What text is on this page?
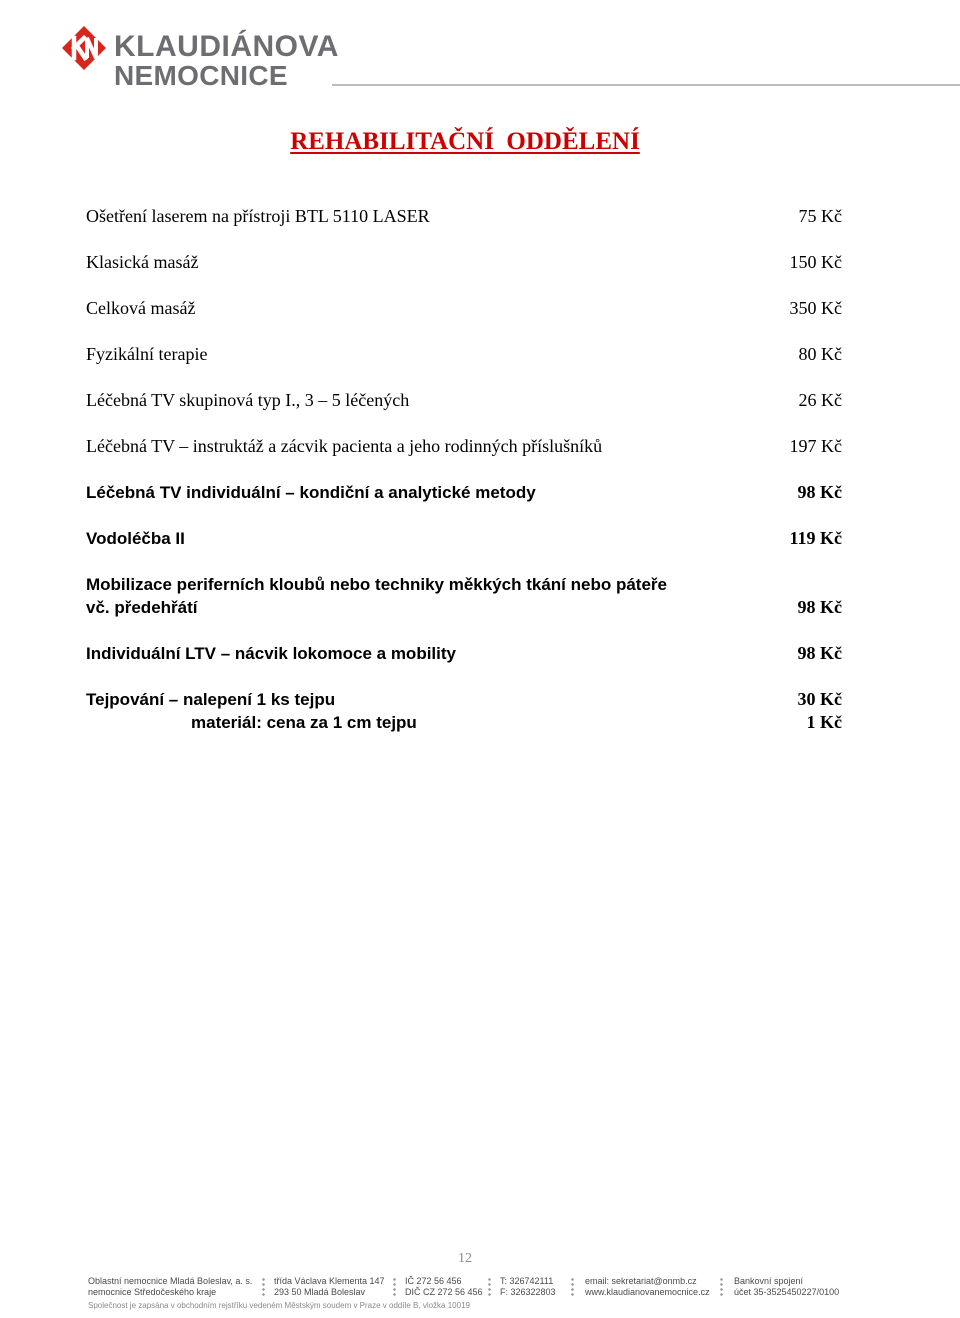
KLAUDIÁNOVA
NEMOCNICE
REHABILITAČNÍ  ODDĚLENÍ
Ošetření laserem na přístroji BTL 5110 LASER	75 Kč
Klasická masáž	150 Kč
Celková masáž	350 Kč
Fyzikální terapie	80 Kč
Léčebná TV skupinová typ I., 3 – 5 léčených	26 Kč
Léčebná TV – instruktáž a zácvik pacienta a jeho rodinných příslušníků	197 Kč
Léčebná TV individuální – kondiční a analytické metody	98 Kč
Vodoléčba II	119 Kč
Mobilizace periferních kloubů nebo techniky měkkých tkání nebo páteře
vč. předehřátí	98 Kč
Individuální LTV – nácvik lokomoce a mobility	98 Kč
Tejpování – nalepení 1 ks tejpu	30 Kč
materiál: cena za 1 cm tejpu	1 Kč
12
Oblastní nemocnice Mladá Boleslav, a. s.
nemocnice Středočeského kraje
třída Václava Klementa 147
293 50 Mladá Boleslav
IČ 272 56 456
DIČ CZ 272 56 456
T: 326742111
F: 326322803
email: sekretariat@onmb.cz
www.klaudianovanemocnice.cz
Bankovní spojení
účet 35-3525450227/0100
Společnost je zapsána v obchodním rejstříku vedeném Městským soudem v Praze v oddíle B, vložka 10019
